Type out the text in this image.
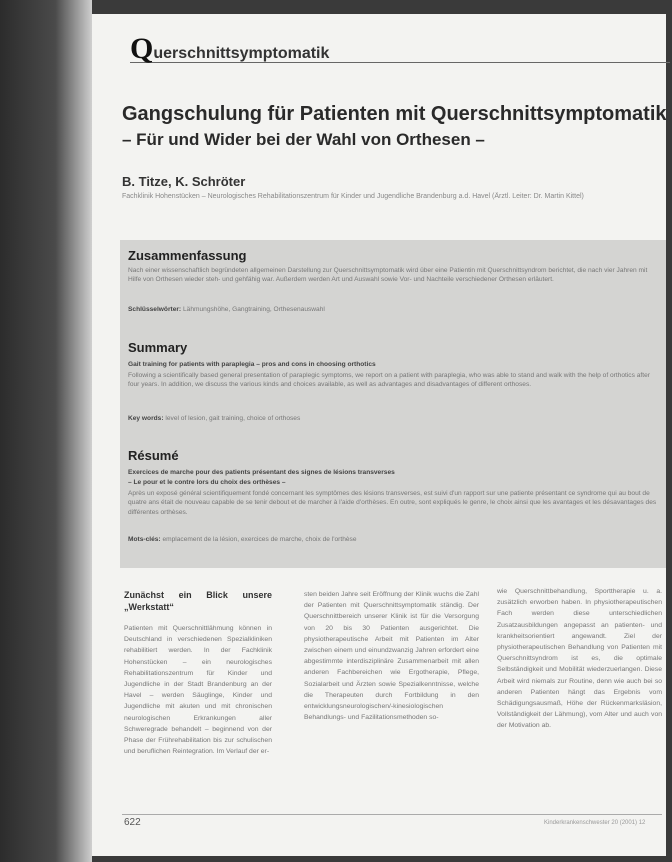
Querschnittsymptomatik
Gangschulung für Patienten mit Querschnittsymptomatik
– Für und Wider bei der Wahl von Orthesen –
B. Titze, K. Schröter
Fachklinik Hohenstücken – Neurologisches Rehabilitationszentrum für Kinder und Jugendliche Brandenburg a.d. Havel (Ärztl. Leiter: Dr. Martin Kittel)
Zusammenfassung
Nach einer wissenschaftlich begründeten allgemeinen Darstellung zur Querschnittsymptomatik wird über eine Patientin mit Querschnittsyndrom berichtet, die nach vier Jahren mit Hilfe von Orthesen wieder steh- und gehfähig war. Außerdem werden Art und Auswahl sowie Vor- und Nachteile verschiedener Orthesen erläutert.
Schlüsselwörter: Lähmungshöhe, Gangtraining, Orthesenauswahl
Summary
Gait training for patients with paraplegia – pros and cons in choosing orthotics
Following a scientifically based general presentation of paraplegic symptoms, we report on a patient with paraplegia, who was able to stand and walk with the help of orthotics after four years. In addition, we discuss the various kinds and choices available, as well as advantages and disadvantages of different orthoses.
Key words: level of lesion, gait training, choice of orthoses
Résumé
Exercices de marche pour des patients présentant des signes de lésions transverses
– Le pour et le contre lors du choix des orthèses –
Après un exposé général scientifiquement fondé concernant les symptômes des lésions transverses, est suivi d'un rapport sur une patiente présentant ce syndrome qui au bout de quatre ans était de nouveau capable de se tenir debout et de marcher à l'aide d'orthèses. En outre, sont expliqués le genre, le choix ainsi que les avantages et les désavantages des différentes orthèses.
Mots-clés: emplacement de la lésion, exercices de marche, choix de l'orthèse
Zunächst ein Blick unsere „Werkstatt“
Patienten mit Querschnittlähmung können in Deutschland in verschiedenen Spezialkliniken rehabilitiert werden. In der Fachklinik Hohenstücken – ein neurologisches Rehabilitationszentrum für Kinder und Jugendliche in der Stadt Brandenburg an der Havel – werden Säuglinge, Kinder und Jugendliche mit akuten und mit chronischen neurologischen Erkrankungen aller Schweregrade behandelt – beginnend von der Phase der Frührehabilitation bis zur schulischen und beruflichen Reintegration. Im Verlauf der er-
sten beiden Jahre seit Eröffnung der Klinik wuchs die Zahl der Patienten mit Querschnittsymptomatik ständig. Der Querschnittbereich unserer Klinik ist für die Versorgung von 20 bis 30 Patienten ausgerichtet. Die physiotherapeutische Arbeit mit Patienten im Alter zwischen einem und einundzwanzig Jahren erfordert eine abgestimmte interdisziplinäre Zusammenarbeit mit allen anderen Fachbereichen wie Ergotherapie, Pflege, Sozialarbeit und Ärzten sowie Spezialkenntnisse, welche die Therapeuten durch Fortbildung in den entwicklungsneurologischen/-kinesiologischen Behandlungs- und Fazilitationsmethoden so-
wie Querschnittbehandlung, Sporttherapie u. a. zusätzlich erworben haben. In physiotherapeutischen Fach werden diese unterschiedlichen Zusatzausbildungen angepasst an patienten- und krankheitsorientiert angewandt. Ziel der physiotherapeutischen Behandlung von Patienten mit Querschnittsyndrom ist es, die optimale Selbständigkeit und Mobilität wiederzuerlangen. Diese Arbeit wird niemals zur Routine, denn wie auch bei so anderen Patienten hängt das Ergebnis vom Schädigungsausmaß, Höhe der Rückenmarksläsion, Vollständigkeit der Lähmung), vom Alter und auch von der Motivation ab.
622	Kinderkrankenschwester 20 (2001) 12
